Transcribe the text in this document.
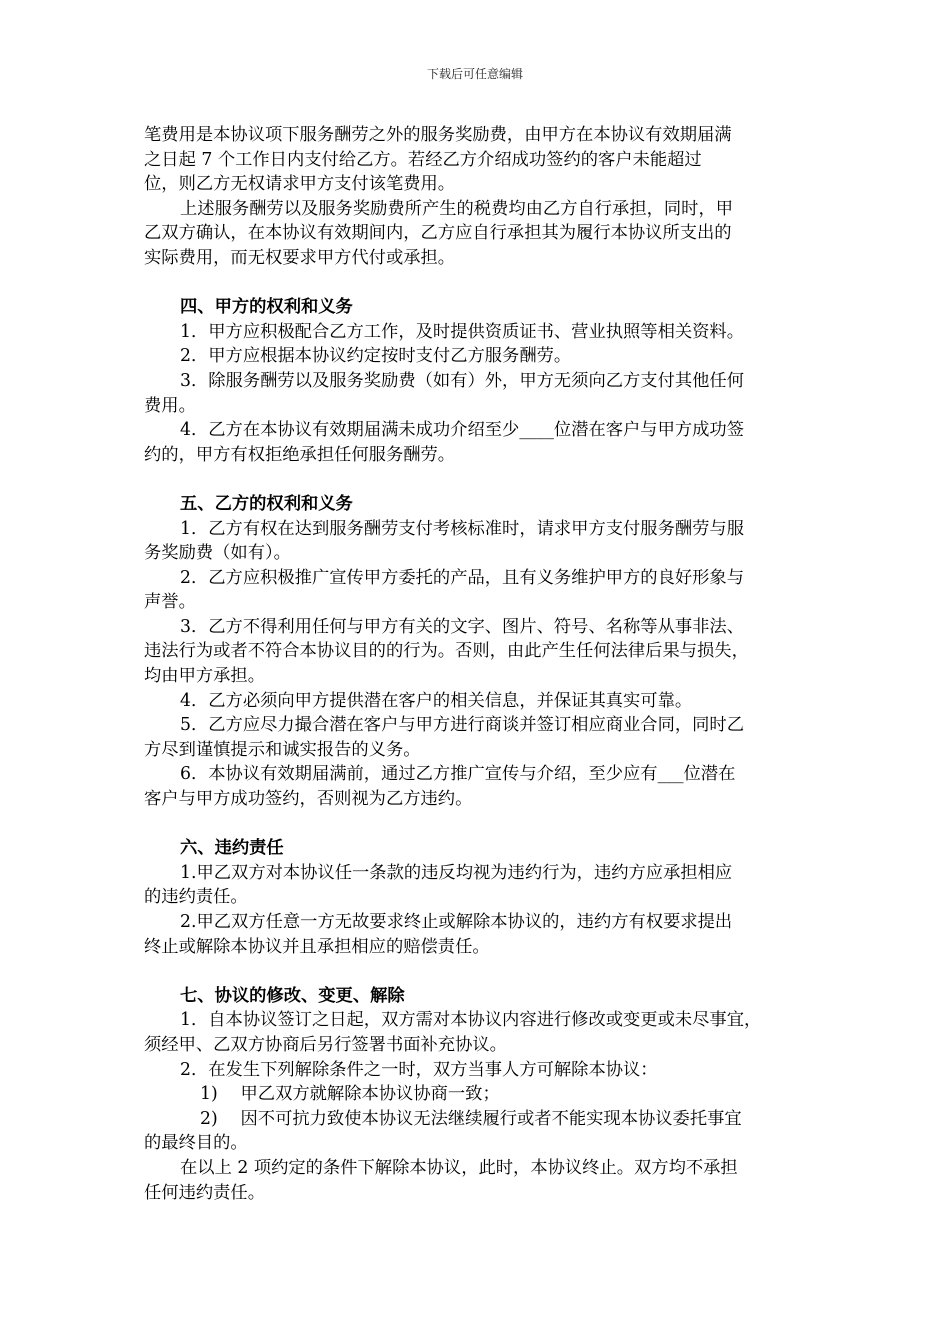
下载后可任意编辑

笔费用是本协议项下服务酬劳之外的服务奖励费，由甲方在本协议有效期届满

之日起 7 个工作日内支付给乙方。若经乙方介绍成功签约的客户未能超过

位，则乙方无权请求甲方支付该笔费用。

上述服务酬劳以及服务奖励费所产生的税费均由乙方自行承担，同时，甲

乙双方确认，在本协议有效期间内，乙方应自行承担其为履行本协议所支出的

实际费用，而无权要求甲方代付或承担。

四、甲方的权利和义务

1．甲方应积极配合乙方工作，及时提供资质证书、营业执照等相关资料。

2．甲方应根据本协议约定按时支付乙方服务酬劳。

3．除服务酬劳以及服务奖励费（如有）外，甲方无须向乙方支付其他任何

费用。

4．乙方在本协议有效期届满未成功介绍至少____位潜在客户与甲方成功签

约的，甲方有权拒绝承担任何服务酬劳。

五、乙方的权利和义务

1．乙方有权在达到服务酬劳支付考核标准时，请求甲方支付服务酬劳与服

务奖励费（如有）。

2．乙方应积极推广宣传甲方委托的产品，且有义务维护甲方的良好形象与

声誉。

3．乙方不得利用任何与甲方有关的文字、图片、符号、名称等从事非法、

违法行为或者不符合本协议目的的行为。否则，由此产生任何法律后果与损失，

均由甲方承担。

4．乙方必须向甲方提供潜在客户的相关信息，并保证其真实可靠。

5．乙方应尽力撮合潜在客户与甲方进行商谈并签订相应商业合同，同时乙

方尽到谨慎提示和诚实报告的义务。

6．本协议有效期届满前，通过乙方推广宣传与介绍，至少应有___位潜在

客户与甲方成功签约，否则视为乙方违约。

六、违约责任

1.甲乙双方对本协议任一条款的违反均视为违约行为，违约方应承担相应

的违约责任。

2.甲乙双方任意一方无故要求终止或解除本协议的，违约方有权要求提出

终止或解除本协议并且承担相应的赔偿责任。

七、协议的修改、变更、解除

1．自本协议签订之日起，双方需对本协议内容进行修改或变更或未尽事宜，

须经甲、乙双方协商后另行签署书面补充协议。

2．在发生下列解除条件之一时，双方当事人方可解除本协议：

1)　 甲乙双方就解除本协议协商一致；

2)　 因不可抗力致使本协议无法继续履行或者不能实现本协议委托事宜

的最终目的。

在以上 2 项约定的条件下解除本协议，此时，本协议终止。双方均不承担

任何违约责任。
